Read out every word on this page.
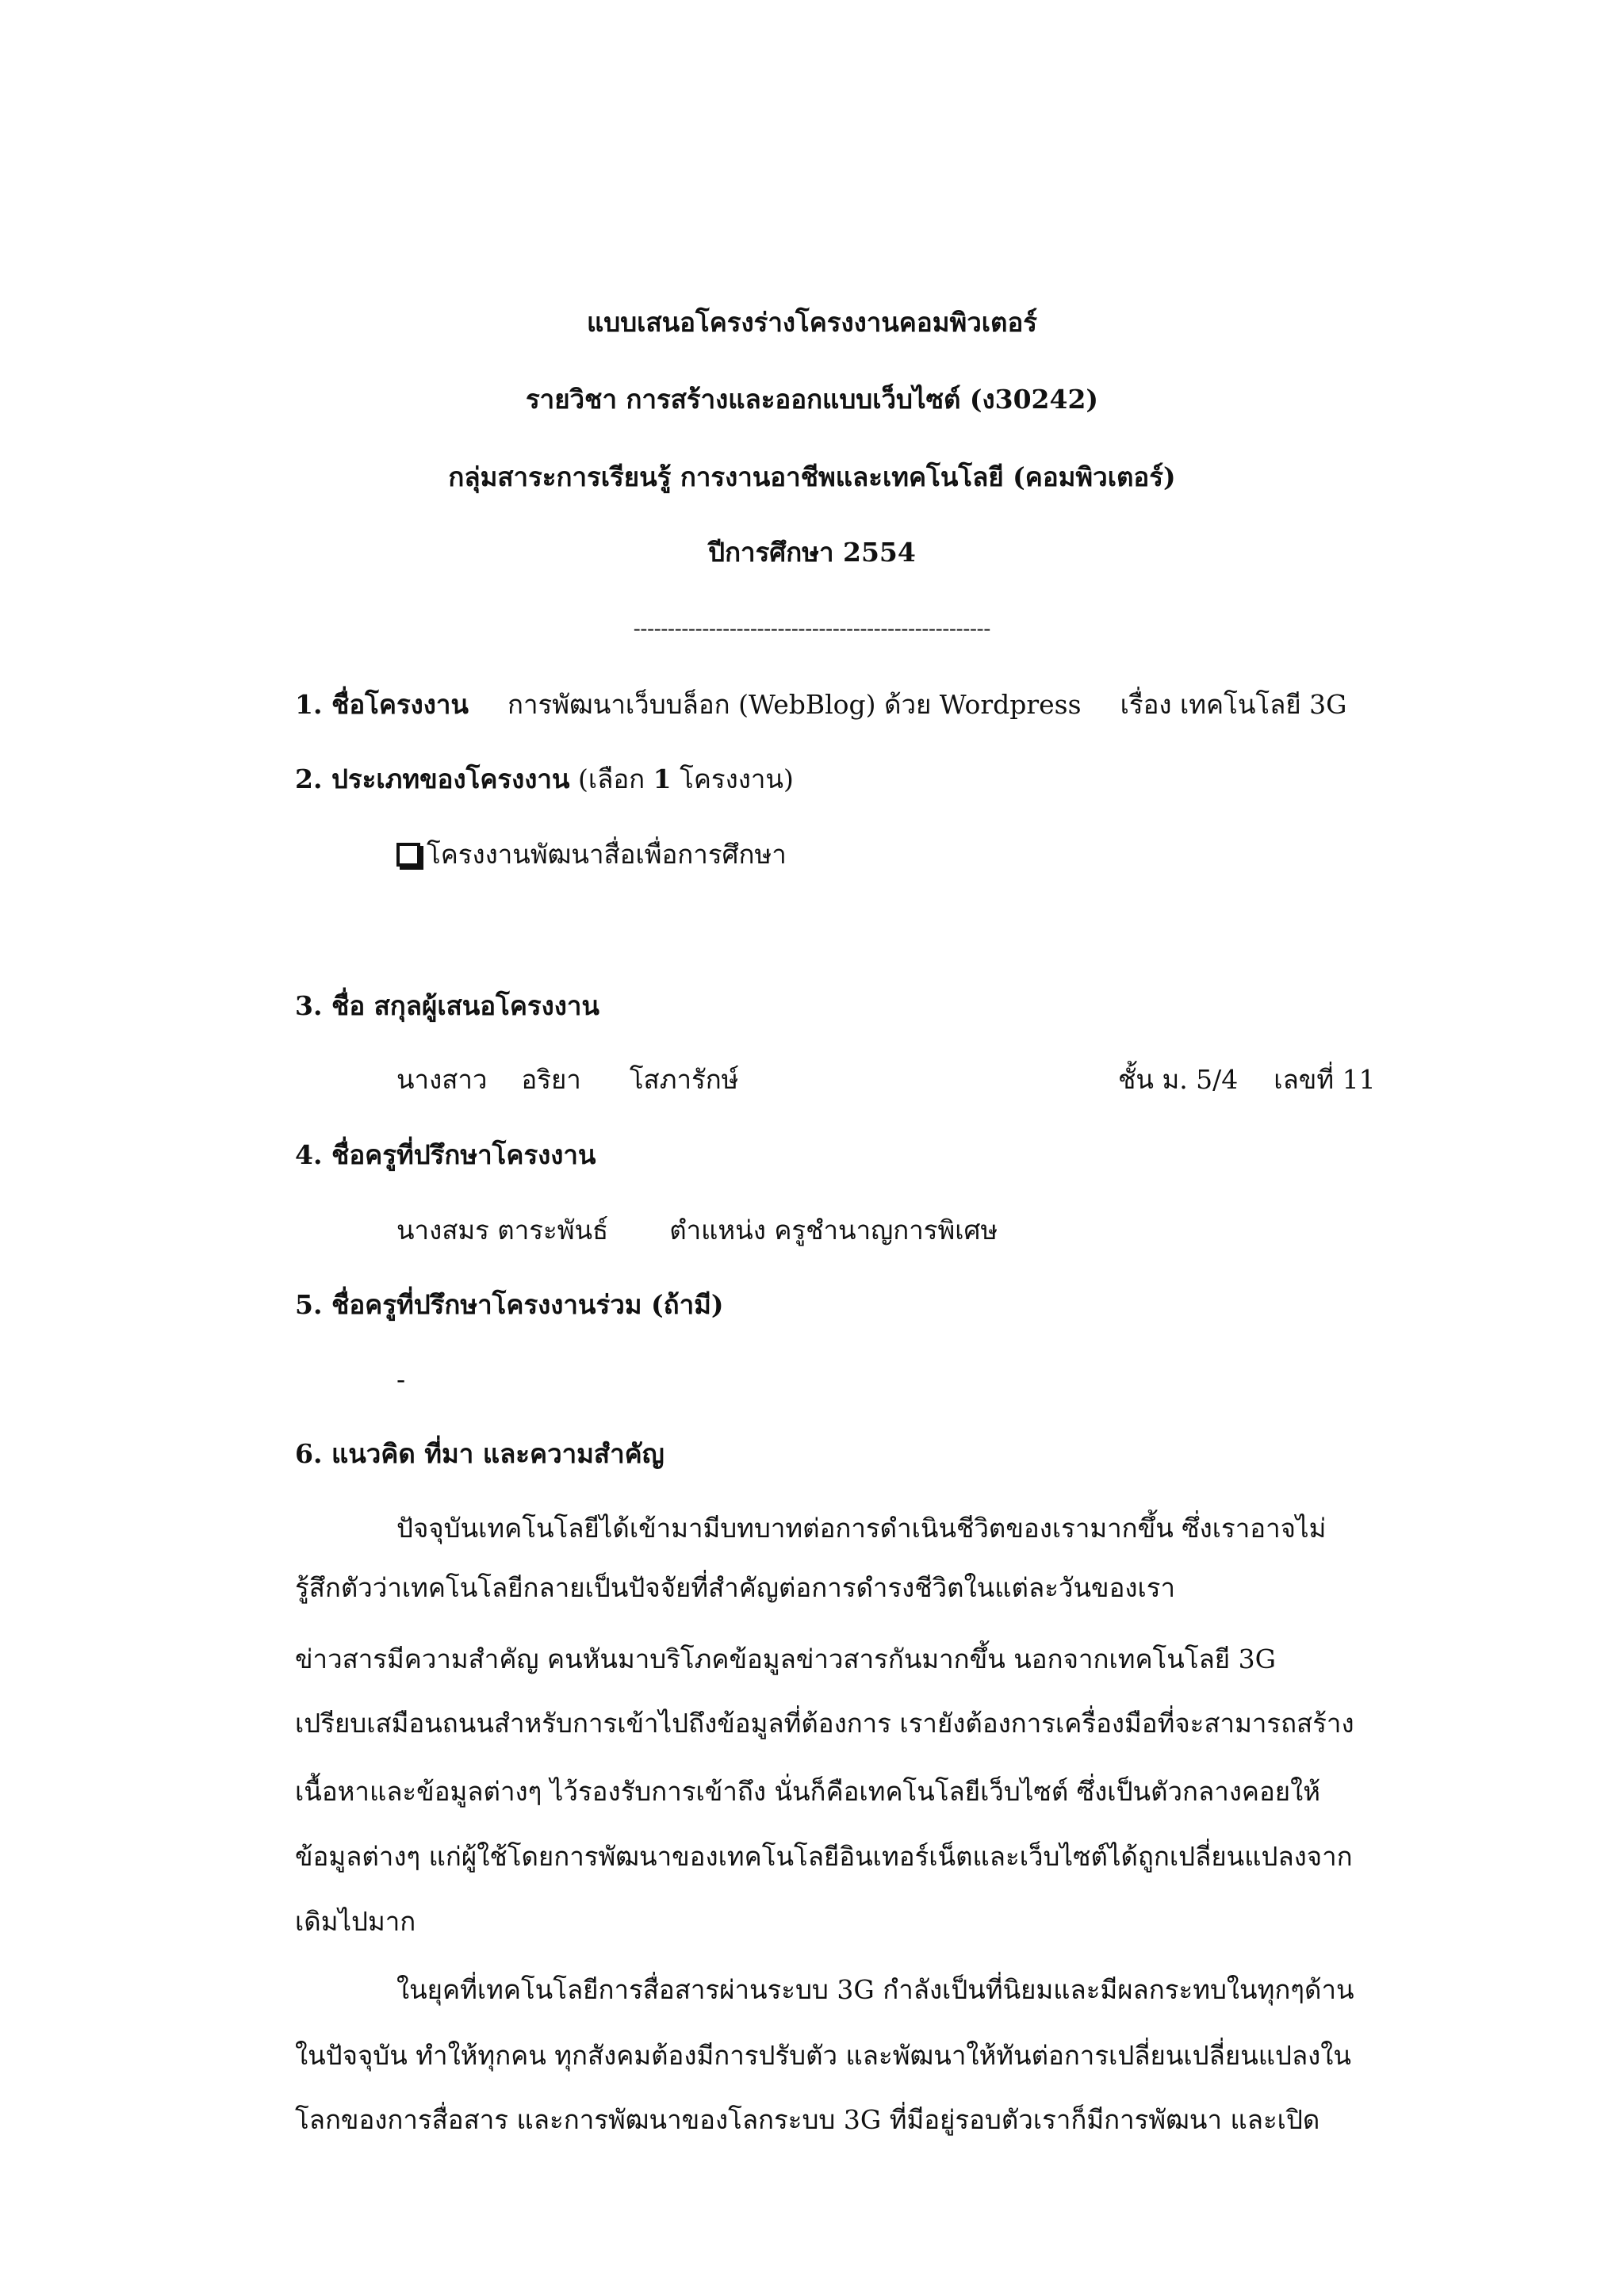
แบบเสนอโครงร่างโครงงานคอมพิวเตอร์
รายวิชา การสร้างและออกแบบเว็บไซต์ (ง30242)
กลุ่มสาระการเรียนรู้ การงานอาชีพและเทคโนโลยี (คอมพิวเตอร์)
ปีการศึกษา 2554
----------------------------------------------------
1. ชื่อโครงงาน การพัฒนาเว็บบล็อก (WebBlog) ด้วย Wordpress เรื่อง เทคโนโลยี 3G
2. ประเภทของโครงงาน (เลือก 1 โครงงาน)
โครงงานพัฒนาสื่อเพื่อการศึกษา
3. ชื่อ สกุลผู้เสนอโครงงาน
นางสาว อริยา โสภารักษ์	ชั้น ม. 5/4 เลขที่ 11
4. ชื่อครูที่ปรึกษาโครงงาน
นางสมร ตาระพันธ์ ตำแหน่ง ครูชำนาญการพิเศษ
5. ชื่อครูที่ปรึกษาโครงงานร่วม (ถ้ามี)
-
6. แนวคิด ที่มา และความสำคัญ
ปัจจุบันเทคโนโลยีได้เข้ามามีบทบาทต่อการดำเนินชีวิตของเรามากขึ้น ซึ่งเราอาจไม่
รู้สึกตัวว่าเทคโนโลยีกลายเป็นปัจจัยที่สำคัญต่อการดำรงชีวิตในแต่ละวันของเรา
ข่าวสารมีความสำคัญ คนหันมาบริโภคข้อมูลข่าวสารกันมากขึ้น นอกจากเทคโนโลยี 3G
เปรียบเสมือนถนนสำหรับการเข้าไปถึงข้อมูลที่ต้องการ เรายังต้องการเครื่องมือที่จะสามารถสร้าง
เนื้อหาและข้อมูลต่างๆ ไว้รองรับการเข้าถึง นั่นก็คือเทคโนโลยีเว็บไซต์ ซึ่งเป็นตัวกลางคอยให้
ข้อมูลต่างๆ แก่ผู้ใช้โดยการพัฒนาของเทคโนโลยีอินเทอร์เน็ตและเว็บไซต์ได้ถูกเปลี่ยนแปลงจาก
เดิมไปมาก
ในยุคที่เทคโนโลยีการสื่อสารผ่านระบบ 3G กำลังเป็นที่นิยมและมีผลกระทบในทุกๆด้าน
ในปัจจุบัน ทำให้ทุกคน ทุกสังคมต้องมีการปรับตัว และพัฒนาให้ทันต่อการเปลี่ยนเปลี่ยนแปลงใน
โลกของการสื่อสาร และการพัฒนาของโลกระบบ 3G ที่มีอยู่รอบตัวเราก็มีการพัฒนา และเปิด
